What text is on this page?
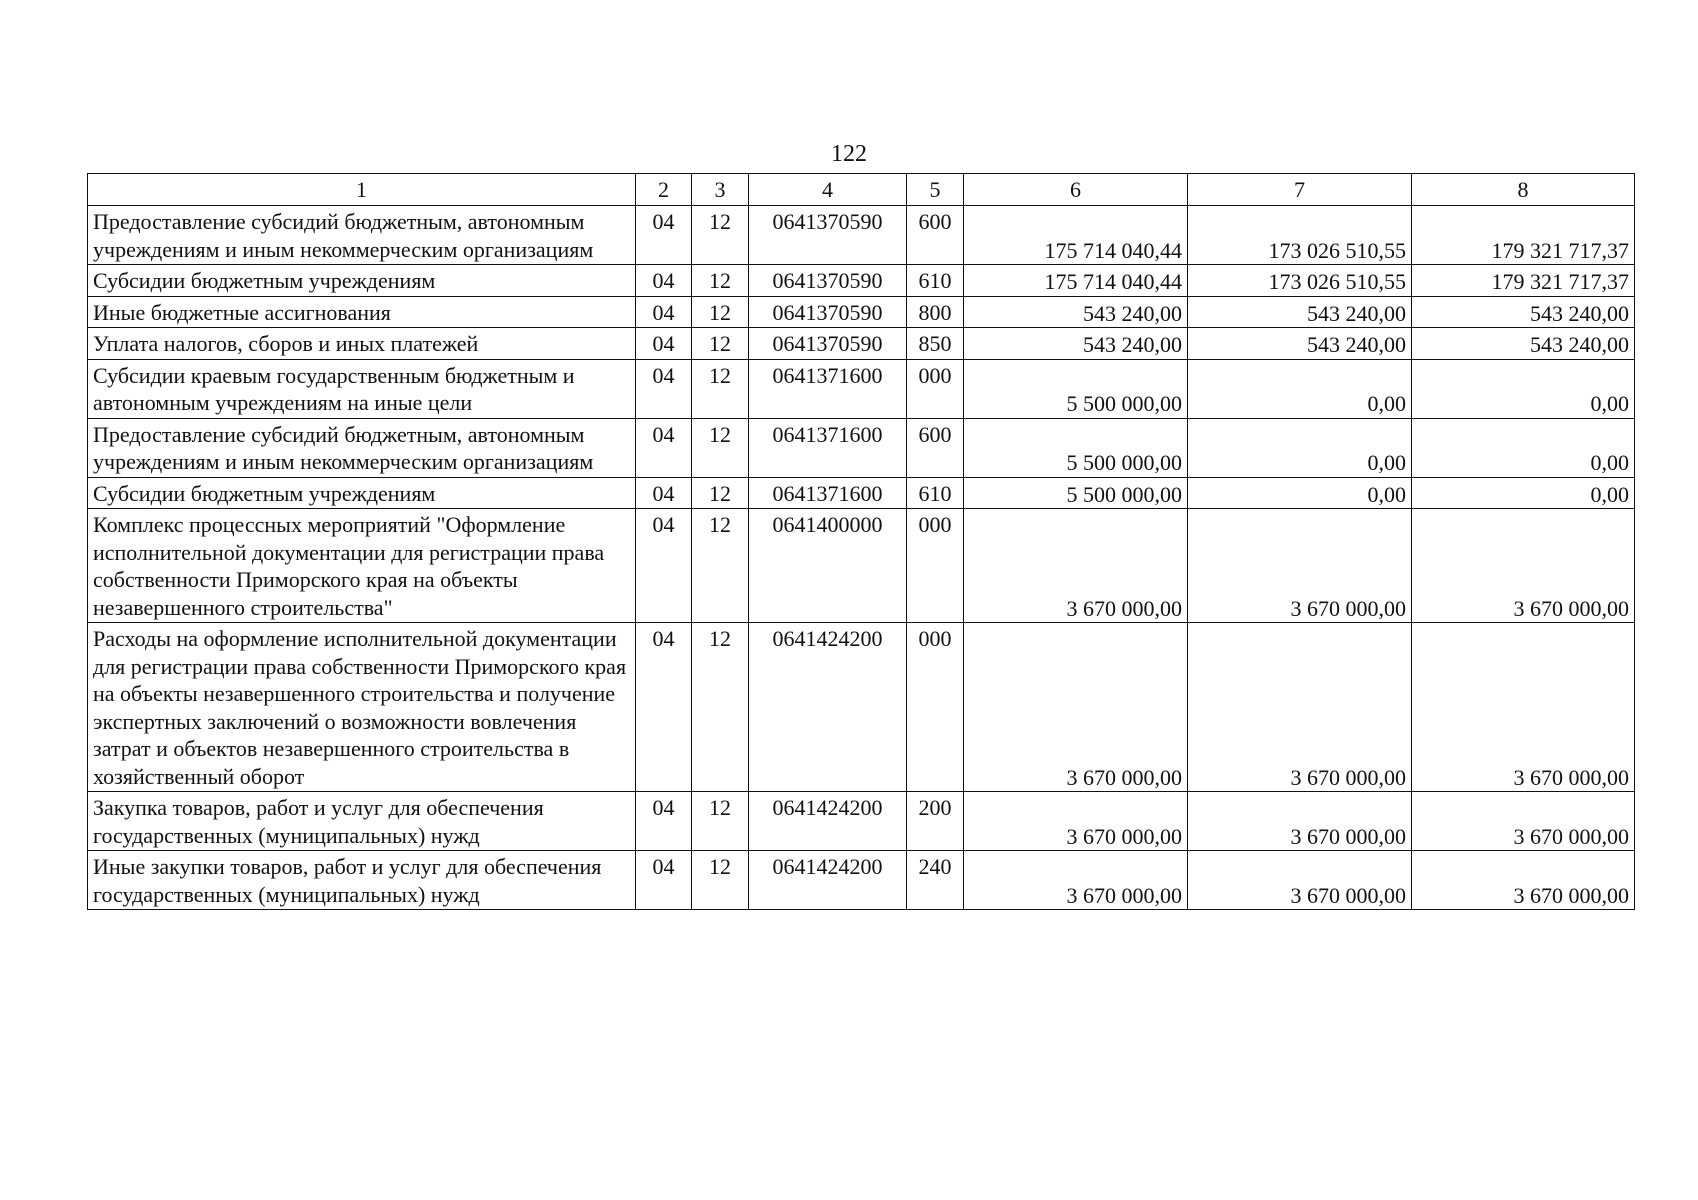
122
1	2	3	4	5	6	7	8
Предоставление субсидий бюджетным, автономным учреждениям и иным некоммерческим организациям	04	12	0641370590	600	175 714 040,44	173 026 510,55	179 321 717,37
Субсидии бюджетным учреждениям	04	12	0641370590	610	175 714 040,44	173 026 510,55	179 321 717,37
Иные бюджетные ассигнования	04	12	0641370590	800	543 240,00	543 240,00	543 240,00
Уплата налогов, сборов и иных платежей	04	12	0641370590	850	543 240,00	543 240,00	543 240,00
Субсидии краевым государственным бюджетным и автономным учреждениям на иные цели	04	12	0641371600	000	5 500 000,00	0,00	0,00
Предоставление субсидий бюджетным, автономным учреждениям и иным некоммерческим организациям	04	12	0641371600	600	5 500 000,00	0,00	0,00
Субсидии бюджетным учреждениям	04	12	0641371600	610	5 500 000,00	0,00	0,00
Комплекс процессных мероприятий "Оформление исполнительной документации для регистрации права собственности Приморского края на объекты незавершенного строительства"	04	12	0641400000	000	3 670 000,00	3 670 000,00	3 670 000,00
Расходы на оформление исполнительной документации для регистрации права собственности Приморского края на объекты незавершенного строительства и получение экспертных заключений о возможности вовлечения затрат и объектов незавершенного строительства в хозяйственный оборот	04	12	0641424200	000	3 670 000,00	3 670 000,00	3 670 000,00
Закупка товаров, работ и услуг для обеспечения государственных (муниципальных) нужд	04	12	0641424200	200	3 670 000,00	3 670 000,00	3 670 000,00
Иные закупки товаров, работ и услуг для обеспечения государственных (муниципальных) нужд	04	12	0641424200	240	3 670 000,00	3 670 000,00	3 670 000,00
